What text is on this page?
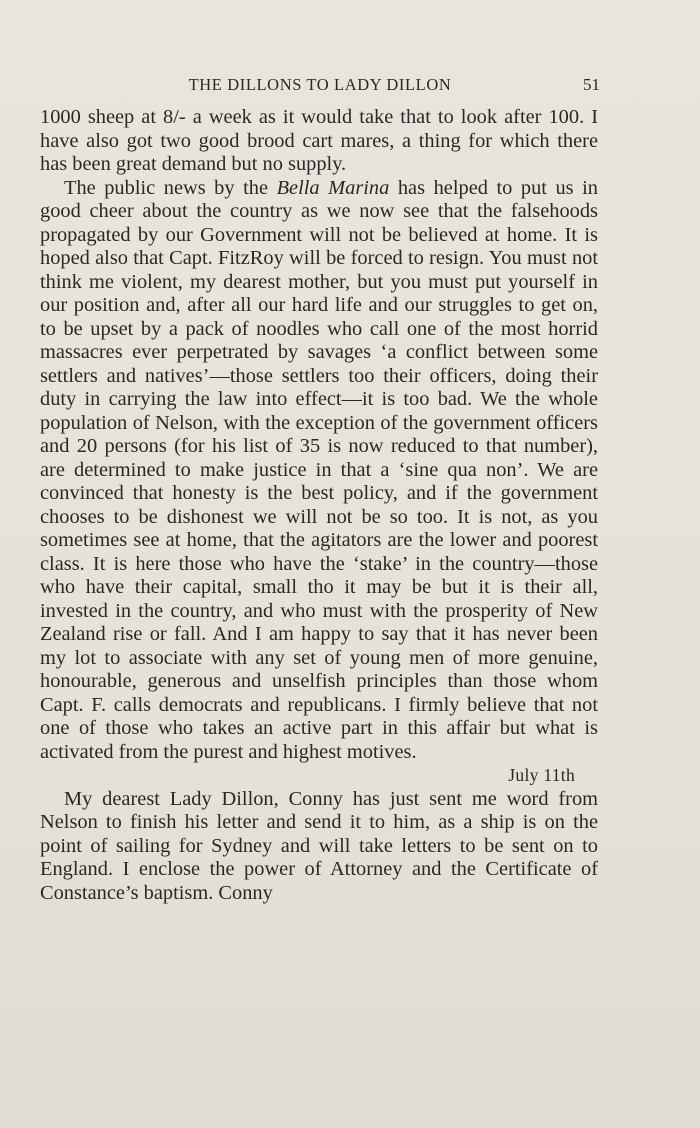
THE DILLONS TO LADY DILLON	51

1000 sheep at 8/- a week as it would take that to look after 100. I have also got two good brood cart mares, a thing for which there has been great demand but no supply.

The public news by the Bella Marina has helped to put us in good cheer about the country as we now see that the falsehoods propagated by our Government will not be believed at home. It is hoped also that Capt. FitzRoy will be forced to resign. You must not think me violent, my dearest mother, but you must put yourself in our position and, after all our hard life and our struggles to get on, to be upset by a pack of noodles who call one of the most horrid massacres ever perpetrated by savages ‘a conflict between some settlers and natives’—those settlers too their officers, doing their duty in carrying the law into effect—it is too bad. We the whole population of Nelson, with the exception of the government officers and 20 persons (for his list of 35 is now reduced to that number), are determined to make justice in that a ‘sine qua non’. We are convinced that honesty is the best policy, and if the government chooses to be dishonest we will not be so too. It is not, as you sometimes see at home, that the agitators are the lower and poorest class. It is here those who have the ‘stake’ in the country—those who have their capital, small tho it may be but it is their all, invested in the country, and who must with the prosperity of New Zealand rise or fall. And I am happy to say that it has never been my lot to associate with any set of young men of more genuine, honourable, generous and unselfish principles than those whom Capt. F. calls democrats and republicans. I firmly believe that not one of those who takes an active part in this affair but what is activated from the purest and highest motives.

July 11th

My dearest Lady Dillon, Conny has just sent me word from Nelson to finish his letter and send it to him, as a ship is on the point of sailing for Sydney and will take letters to be sent on to England. I enclose the power of Attorney and the Certificate of Constance’s baptism. Conny
